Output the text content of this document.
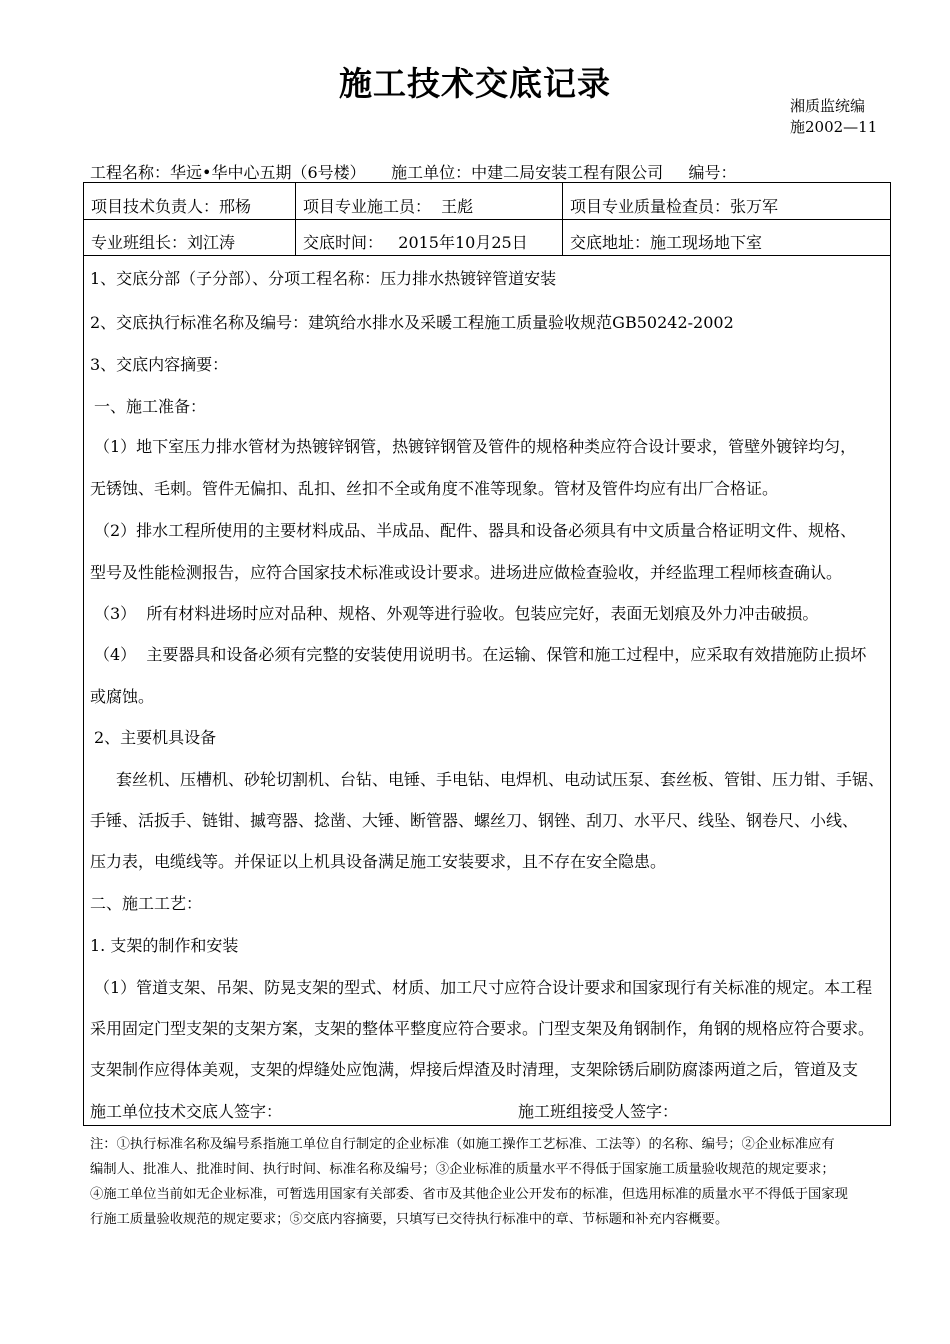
施工技术交底记录
湘质监统编
施2002—11
工程名称：华远•华中心五期（6号楼） 施工单位：中建二局安装工程有限公司 编号：
项目技术负责人：邢杨	项目专业施工员：  王彪	项目专业质量检查员：张万军
专业班组长：刘江涛	交底时间：   2015年10月25日	交底地址：施工现场地下室
1、交底分部（子分部）、分项工程名称：压力排水热镀锌管道安装
2、交底执行标准名称及编号：建筑给水排水及采暖工程施工质量验收规范GB50242-2002
3、交底内容摘要：
一、施工准备：
（1）地下室压力排水管材为热镀锌钢管，热镀锌钢管及管件的规格种类应符合设计要求，管壁外镀锌均匀，
无锈蚀、毛刺。管件无偏扣、乱扣、丝扣不全或角度不准等现象。管材及管件均应有出厂合格证。
（2）排水工程所使用的主要材料成品、半成品、配件、器具和设备必须具有中文质量合格证明文件、规格、
型号及性能检测报告，应符合国家技术标准或设计要求。进场进应做检查验收，并经监理工程师核查确认。
（3）  所有材料进场时应对品种、规格、外观等进行验收。包装应完好，表面无划痕及外力冲击破损。
（4）  主要器具和设备必须有完整的安装使用说明书。在运输、保管和施工过程中，应采取有效措施防止损坏
或腐蚀。
2、主要机具设备
套丝机、压槽机、砂轮切割机、台钻、电锤、手电钻、电焊机、电动试压泵、套丝板、管钳、压力钳、手锯、
手锤、活扳手、链钳、摵弯器、捻凿、大锤、断管器、螺丝刀、钢锉、刮刀、水平尺、线坠、钢卷尺、小线、
压力表，电缆线等。并保证以上机具设备满足施工安装要求，且不存在安全隐患。
二、施工工艺：
1. 支架的制作和安装
（1）管道支架、吊架、防晃支架的型式、材质、加工尺寸应符合设计要求和国家现行有关标准的规定。本工程
采用固定门型支架的支架方案，支架的整体平整度应符合要求。门型支架及角钢制作，角钢的规格应符合要求。
支架制作应得体美观，支架的焊缝处应饱满，焊接后焊渣及时清理，支架除锈后刷防腐漆两道之后，管道及支
施工单位技术交底人签字：	施工班组接受人签字：
注：①执行标准名称及编号系指施工单位自行制定的企业标准（如施工操作工艺标准、工法等）的名称、编号；②企业标准应有
编制人、批准人、批准时间、执行时间、标准名称及编号；③企业标准的质量水平不得低于国家施工质量验收规范的规定要求；
④施工单位当前如无企业标准，可暂选用国家有关部委、省市及其他企业公开发布的标准，但选用标准的质量水平不得低于国家现
行施工质量验收规范的规定要求；⑤交底内容摘要，只填写已交待执行标准中的章、节标题和补充内容概要。
